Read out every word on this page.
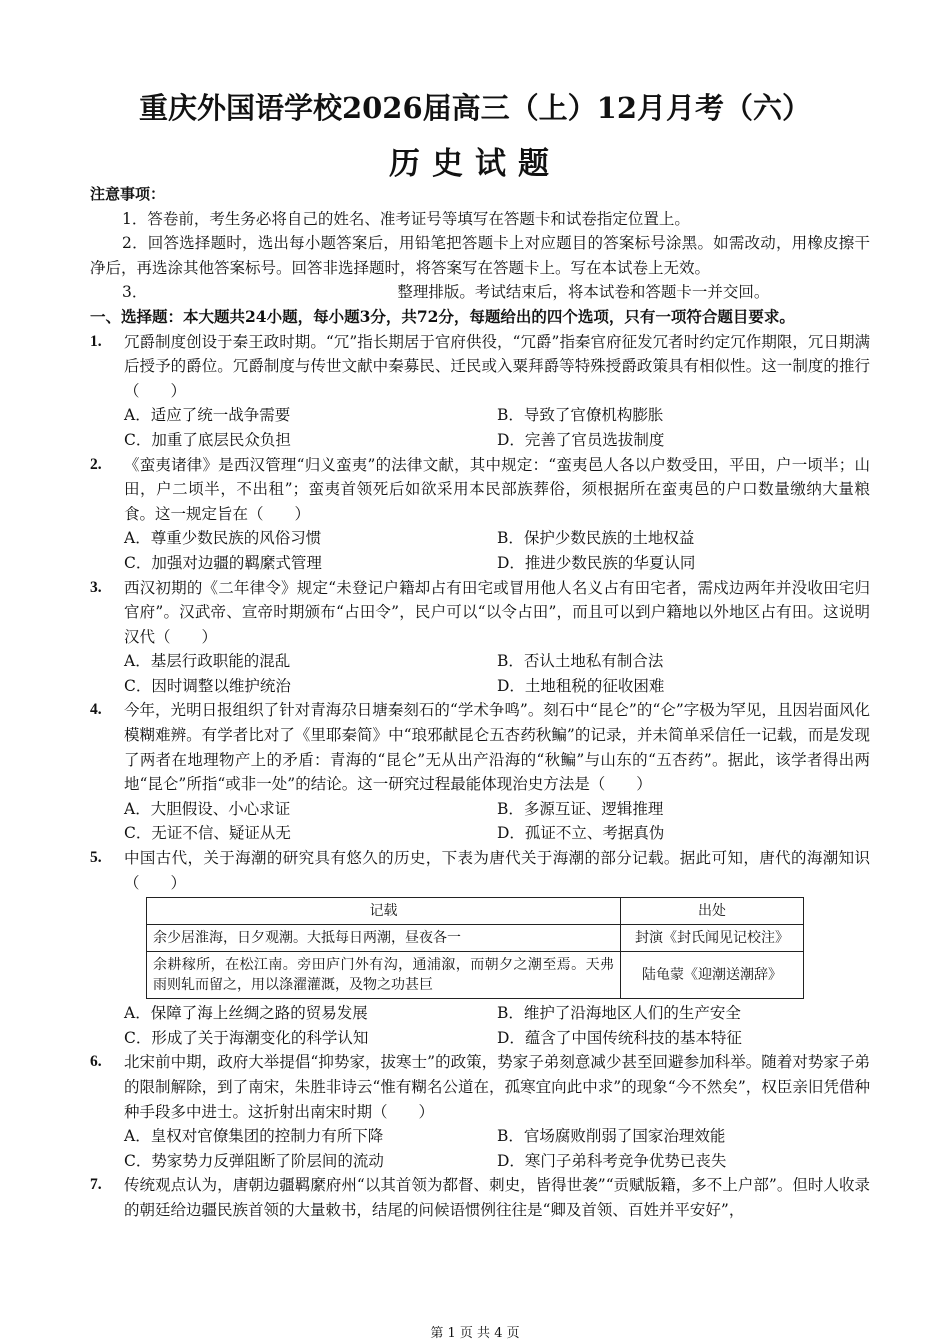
重庆外国语学校2026届高三（上）12月月考（六）
历史试题
注意事项：
1．答卷前，考生务必将自己的姓名、准考证号等填写在答题卡和试卷指定位置上。
2．回答选择题时，选出每小题答案后，用铅笔把答题卡上对应题目的答案标号涂黑。如需改动，用橡皮擦干净后，再选涂其他答案标号。回答非选择题时，将答案写在答题卡上。写在本试卷上无效。
3．	整理排版。考试结束后，将本试卷和答题卡一并交回。
一、选择题：本大题共24小题，每小题3分，共72分，每题给出的四个选项，只有一项符合题目要求。
1. 冗爵制度创设于秦王政时期。“冗”指长期居于官府供役，“冗爵”指秦官府征发冗者时约定冗作期限，冗日期满后授予的爵位。冗爵制度与传世文献中秦募民、迁民或入粟拜爵等特殊授爵政策具有相似性。这一制度的推行（　　）
A．适应了统一战争需要	B．导致了官僚机构膨胀
C．加重了底层民众负担	D．完善了官员选拔制度
2. 《蛮夷诸律》是西汉管理“归义蛮夷”的法律文献，其中规定：“蛮夷邑人各以户数受田，平田，户一顷半；山田，户二顷半，不出租”；蛮夷首领死后如欲采用本民部族葬俗，须根据所在蛮夷邑的户口数量缴纳大量粮食。这一规定旨在（　　）
A．尊重少数民族的风俗习惯	B．保护少数民族的土地权益
C．加强对边疆的羁縻式管理	D．推进少数民族的华夏认同
3. 西汉初期的《二年律令》规定“未登记户籍却占有田宅或冒用他人名义占有田宅者，需戍边两年并没收田宅归官府”。汉武帝、宣帝时期颁布“占田令”，民户可以“以令占田”，而且可以到户籍地以外地区占有田。这说明汉代（　　）
A．基层行政职能的混乱	B．否认土地私有制合法
C．因时调整以维护统治	D．土地租税的征收困难
4. 今年，光明日报组织了针对青海尕日塘秦刻石的“学术争鸣”。刻石中“昆仑”的“仑”字极为罕见，且因岩面风化模糊难辨。有学者比对了《里耶秦简》中“琅邪献昆仑五杏药秋鳊”的记录，并未简单采信任一记载，而是发现了两者在地理物产上的矛盾：青海的“昆仑”无从出产沿海的“秋鳊”与山东的“五杏药”。据此，该学者得出两地“昆仑”所指“或非一处”的结论。这一研究过程最能体现治史方法是（　　）
A．大胆假设、小心求证	B．多源互证、逻辑推理
C．无证不信、疑证从无	D．孤证不立、考据真伪
5. 中国古代，关于海潮的研究具有悠久的历史，下表为唐代关于海潮的部分记载。据此可知，唐代的海潮知识（　　）
记载	出处
余少居淮海，日夕观潮。大抵每日两潮，昼夜各一	封演《封氏闻见记校注》
余耕稼所，在松江南。旁田庐门外有沟，通浦溆，而朝夕之潮至焉。天弗雨则轧而留之，用以涤濯灌溉，及物之功甚巨	陆龟蒙《迎潮送潮辞》
A．保障了海上丝绸之路的贸易发展	B．维护了沿海地区人们的生产安全
C．形成了关于海潮变化的科学认知	D．蕴含了中国传统科技的基本特征
6. 北宋前中期，政府大举提倡“抑势家，拔寒士”的政策，势家子弟刻意减少甚至回避参加科举。随着对势家子弟的限制解除，到了南宋，朱胜非诗云“惟有糊名公道在，孤寒宜向此中求”的现象“今不然矣”，权臣亲旧凭借种种手段多中进士。这折射出南宋时期（　　）
A．皇权对官僚集团的控制力有所下降	B．官场腐败削弱了国家治理效能
C．势家势力反弹阻断了阶层间的流动	D．寒门子弟科考竞争优势已丧失
7. 传统观点认为，唐朝边疆羁縻府州“以其首领为都督、刺史，皆得世袭”“贡赋版籍，多不上户部”。但时人收录的朝廷给边疆民族首领的大量敕书，结尾的问候语惯例往往是“卿及首领、百姓并平安好”，
第 1 页 共 4 页
